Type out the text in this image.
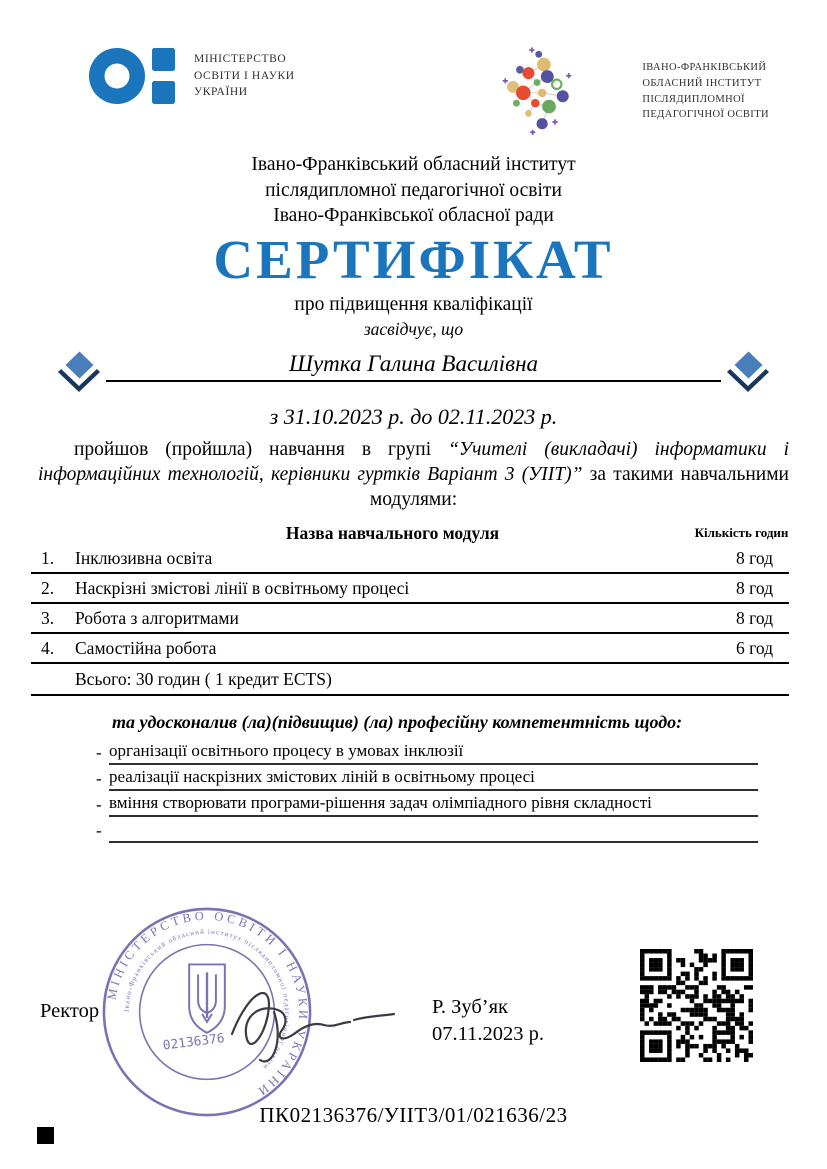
МІНІСТЕРСТВО
ОСВІТИ І НАУКИ
УКРАЇНИ
ІВАНО-ФРАНКІВСЬКИЙ
ОБЛАСНИЙ ІНСТИТУТ
ПІСЛЯДИПЛОМНОЇ
ПЕДАГОГІЧНОЇ ОСВІТИ
Івано-Франківський обласний інститут
післядипломної педагогічної освіти
Івано-Франківської обласної ради
СЕРТИФІКАТ
про підвищення кваліфікації
засвідчує, що
Шутка Галина Василівна
з 31.10.2023 р. до 02.11.2023 р.
пройшов (пройшла) навчання в групі “Учителі (викладачі) інформатики і інформаційних технологій, керівники гуртків Варіант 3 (УІІТ)” за такими навчальними модулями:
Назва навчального модуля	Кількість годин
1.	Інклюзивна освіта	8 год
2.	Наскрізні змістові лінії в освітньому процесі	8 год
3.	Робота з алгоритмами	8 год
4.	Самостійна робота	6 год
Всього: 30 годин ( 1 кредит ECTS)
та удосконалив (ла)(підвищив) (ла) професійну компетентність щодо:
- організації освітнього процесу в умовах інклюзії
- реалізації наскрізних змістових ліній в освітньому процесі
- вміння створювати програми-рішення задач олімпіадного рівня складності
-
Ректор
МІНІСТЕРСТВО ОСВІТИ І НАУКИ УКРАЇНИ
Івано-Франківський обласний інститут післядипломної педагогічної освіти
02136376
Р. Зуб’як
07.11.2023 р.
ПК02136376/УІІТ3/01/021636/23
